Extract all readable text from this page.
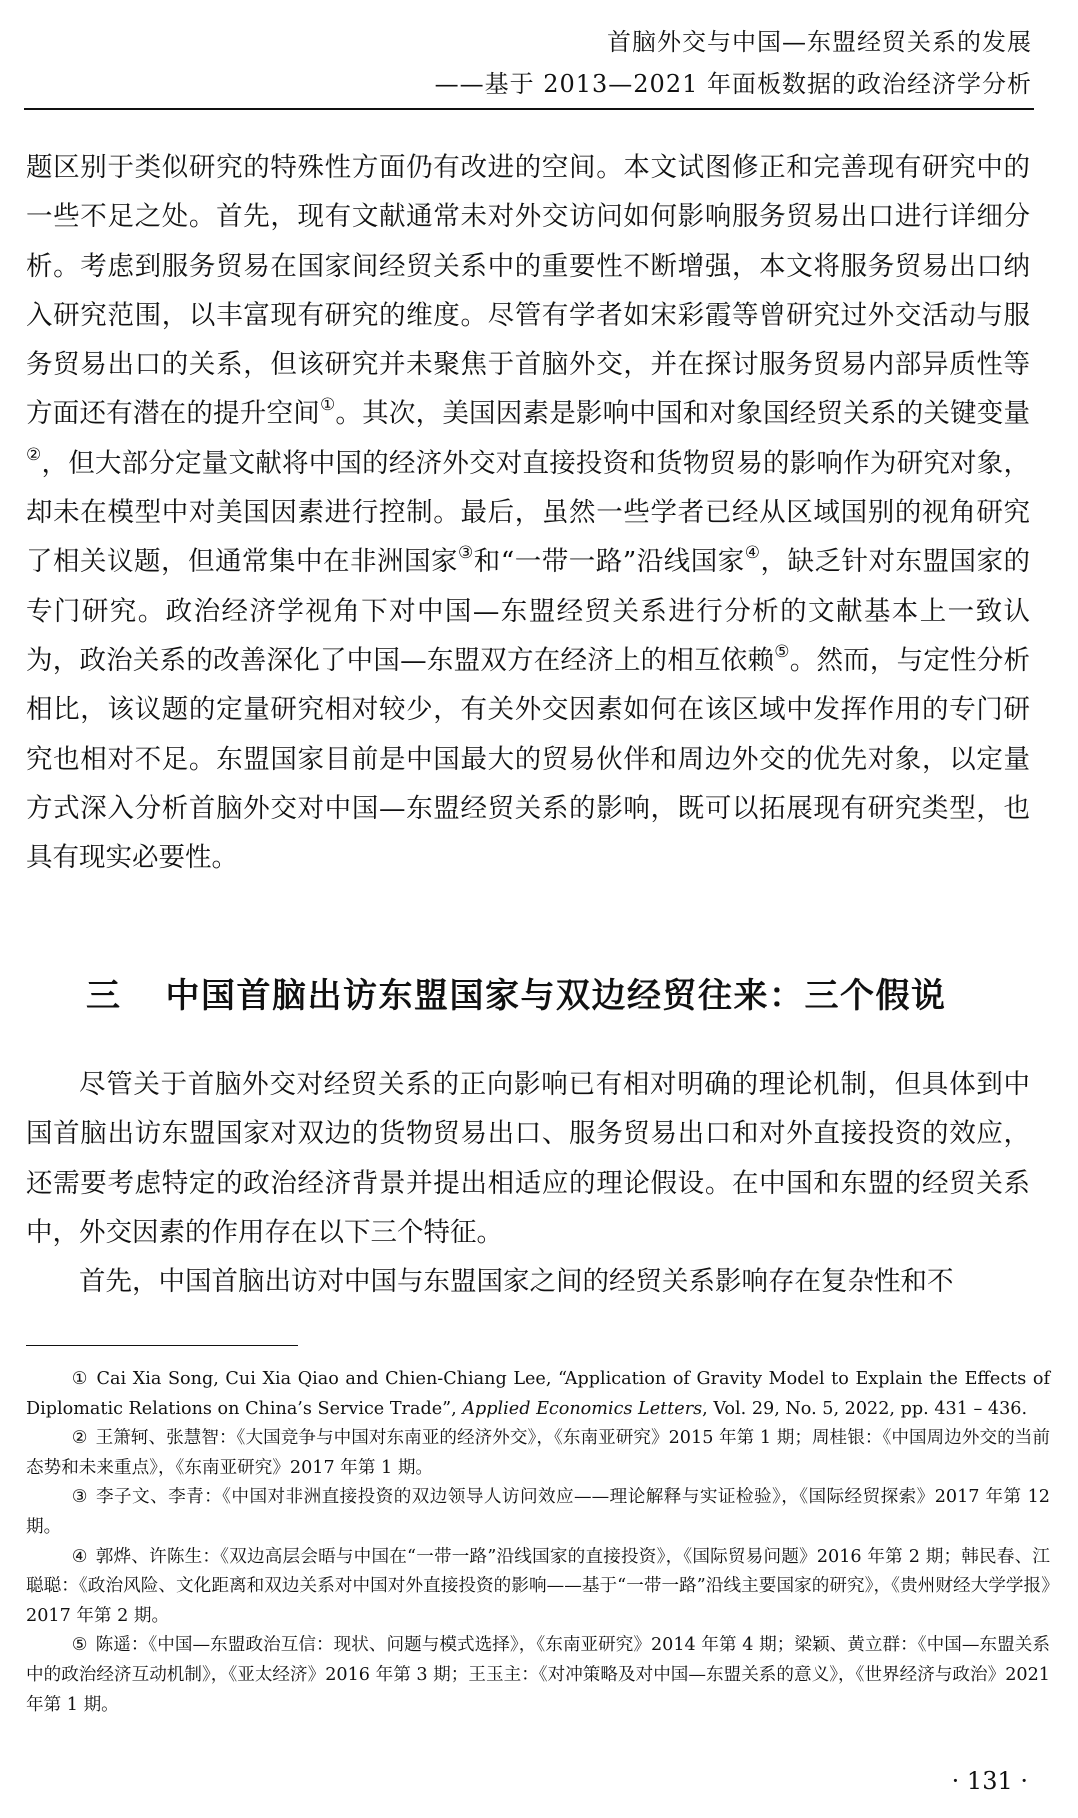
首脑外交与中国—东盟经贸关系的发展
——基于 2013—2021 年面板数据的政治经济学分析

题区别于类似研究的特殊性方面仍有改进的空间。本文试图修正和完善现有研究中的一些不足之处。首先，现有文献通常未对外交访问如何影响服务贸易出口进行详细分析。考虑到服务贸易在国家间经贸关系中的重要性不断增强，本文将服务贸易出口纳入研究范围，以丰富现有研究的维度。尽管有学者如宋彩霞等曾研究过外交活动与服务贸易出口的关系，但该研究并未聚焦于首脑外交，并在探讨服务贸易内部异质性等方面还有潜在的提升空间①。其次，美国因素是影响中国和对象国经贸关系的关键变量②，但大部分定量文献将中国的经济外交对直接投资和货物贸易的影响作为研究对象，却未在模型中对美国因素进行控制。最后，虽然一些学者已经从区域国别的视角研究了相关议题，但通常集中在非洲国家③和“一带一路”沿线国家④，缺乏针对东盟国家的专门研究。政治经济学视角下对中国—东盟经贸关系进行分析的文献基本上一致认为，政治关系的改善深化了中国—东盟双方在经济上的相互依赖⑤。然而，与定性分析相比，该议题的定量研究相对较少，有关外交因素如何在该区域中发挥作用的专门研究也相对不足。东盟国家目前是中国最大的贸易伙伴和周边外交的优先对象，以定量方式深入分析首脑外交对中国—东盟经贸关系的影响，既可以拓展现有研究类型，也具有现实必要性。

三 中国首脑出访东盟国家与双边经贸往来：三个假说

尽管关于首脑外交对经贸关系的正向影响已有相对明确的理论机制，但具体到中国首脑出访东盟国家对双边的货物贸易出口、服务贸易出口和对外直接投资的效应，还需要考虑特定的政治经济背景并提出相适应的理论假设。在中国和东盟的经贸关系中，外交因素的作用存在以下三个特征。

首先，中国首脑出访对中国与东盟国家之间的经贸关系影响存在复杂性和不

① Cai Xia Song, Cui Xia Qiao and Chien-Chiang Lee, “Application of Gravity Model to Explain the Effects of Diplomatic Relations on China’s Service Trade”, Applied Economics Letters, Vol. 29, No. 5, 2022, pp. 431 – 436.
② 王箫轲、张慧智：《大国竞争与中国对东南亚的经济外交》，《东南亚研究》2015 年第 1 期；周桂银：《中国周边外交的当前态势和未来重点》，《东南亚研究》2017 年第 1 期。
③ 李子文、李青：《中国对非洲直接投资的双边领导人访问效应——理论解释与实证检验》，《国际经贸探索》2017 年第 12 期。
④ 郭烨、许陈生：《双边高层会晤与中国在“一带一路”沿线国家的直接投资》，《国际贸易问题》2016 年第 2 期；韩民春、江聪聪：《政治风险、文化距离和双边关系对中国对外直接投资的影响——基于“一带一路”沿线主要国家的研究》，《贵州财经大学学报》2017 年第 2 期。
⑤ 陈遥：《中国—东盟政治互信：现状、问题与模式选择》，《东南亚研究》2014 年第 4 期；梁颖、黄立群：《中国—东盟关系中的政治经济互动机制》，《亚太经济》2016 年第 3 期；王玉主：《对冲策略及对中国—东盟关系的意义》，《世界经济与政治》2021 年第 1 期。
· 131 ·
